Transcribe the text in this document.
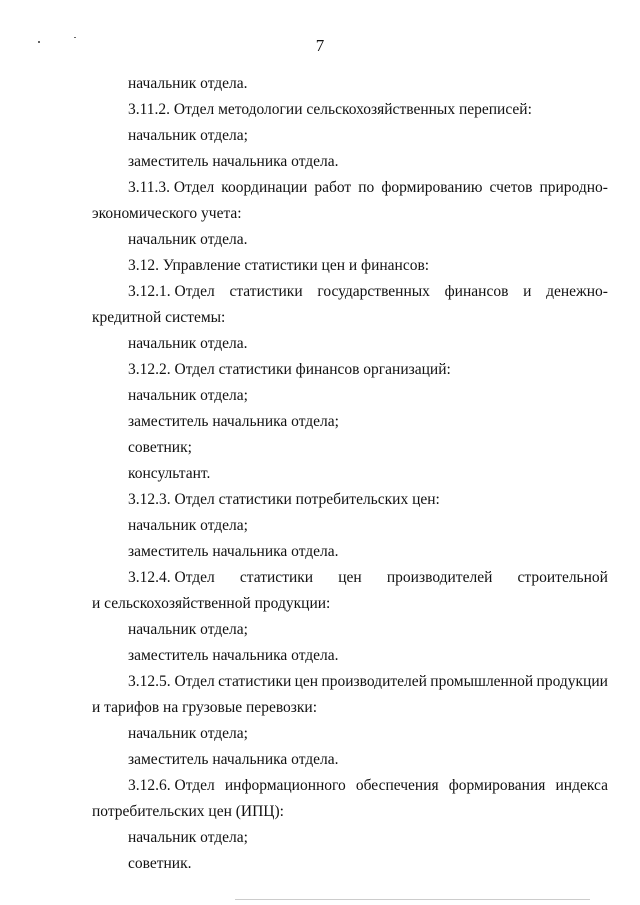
7
начальник отдела.
3.11.2. Отдел методологии сельскохозяйственных переписей:
начальник отдела;
заместитель начальника отдела.
3.11.3. Отдел координации работ по формированию счетов природно-
экономического учета:
начальник отдела.
3.12. Управление статистики цен и финансов:
3.12.1. Отдел статистики государственных финансов и денежно-
кредитной системы:
начальник отдела.
3.12.2. Отдел статистики финансов организаций:
начальник отдела;
заместитель начальника отдела;
советник;
консультант.
3.12.3. Отдел статистики потребительских цен:
начальник отдела;
заместитель начальника отдела.
3.12.4. Отдел статистики цен производителей строительной
и сельскохозяйственной продукции:
начальник отдела;
заместитель начальника отдела.
3.12.5. Отдел статистики цен производителей промышленной продукции
и тарифов на грузовые перевозки:
начальник отдела;
заместитель начальника отдела.
3.12.6. Отдел информационного обеспечения формирования индекса
потребительских цен (ИПЦ):
начальник отдела;
советник.
